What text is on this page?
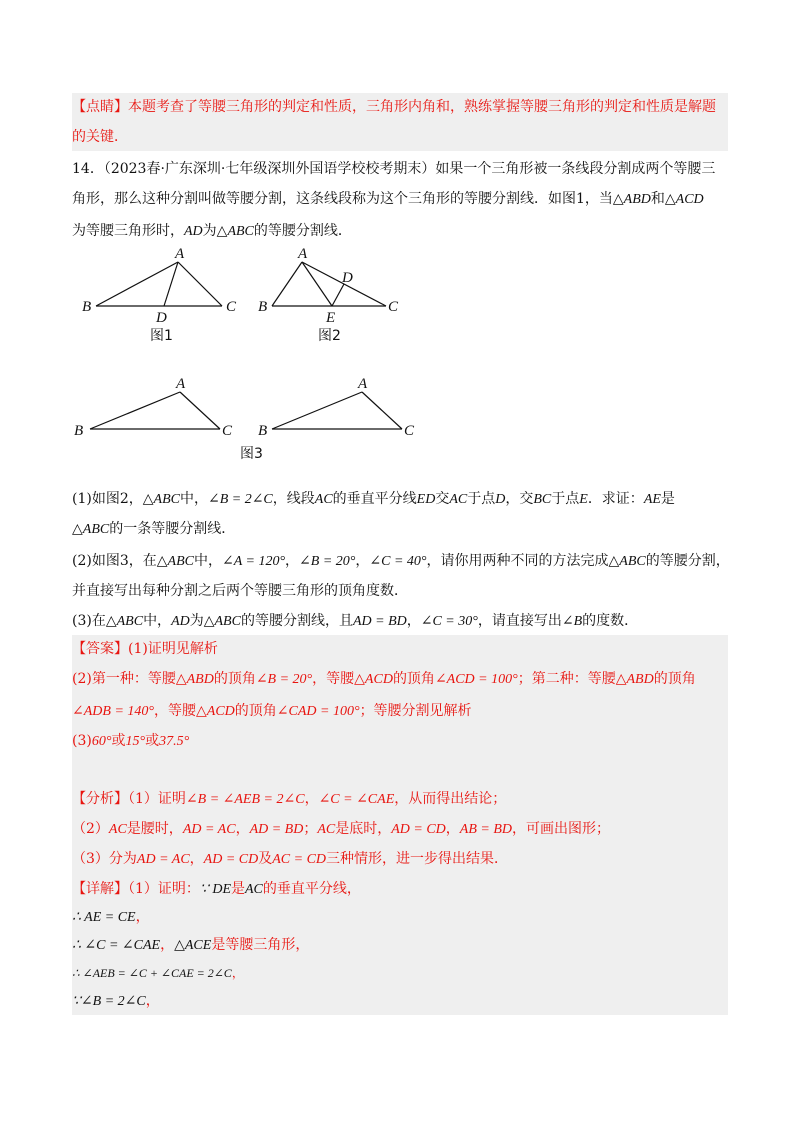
【点睛】本题考查了等腰三角形的判定和性质，三角形内角和，熟练掌握等腰三角形的判定和性质是解题
的关键．
14．（2023春·广东深圳·七年级深圳外国语学校校考期末）如果一个三角形被一条线段分割成两个等腰三
角形，那么这种分割叫做等腰分割，这条线段称为这个三角形的等腰分割线．如图1，当△ABD和△ACD
为等腰三角形时，AD为△ABC的等腰分割线．
A
B	C
D
图1
A
B	C
D
E
图2
A
B	C
A
B	C
图3
(1)如图2，△ABC中，∠B = 2∠C，线段AC的垂直平分线ED交AC于点D，交BC于点E．求证：AE是
△ABC的一条等腰分割线．
(2)如图3，在△ABC中，∠A = 120°，∠B = 20°，∠C = 40°，请你用两种不同的方法完成△ABC的等腰分割，
并直接写出每种分割之后两个等腰三角形的顶角度数．
(3)在△ABC中，AD为△ABC的等腰分割线，且AD = BD，∠C = 30°，请直接写出∠B的度数．
【答案】(1)证明见解析
(2)第一种：等腰△ABD的顶角∠B = 20°，等腰△ACD的顶角∠ACD = 100°；第二种：等腰△ABD的顶角
∠ADB = 140°，等腰△ACD的顶角∠CAD = 100°；等腰分割见解析
(3)60°或15°或37.5°
【分析】（1）证明∠B = ∠AEB = 2∠C，∠C = ∠CAE，从而得出结论；
（2）AC是腰时，AD = AC，AD = BD；AC是底时，AD = CD，AB = BD，可画出图形；
（3）分为AD = AC，AD = CD及AC = CD三种情形，进一步得出结果．
【详解】（1）证明：∵ DE是AC的垂直平分线，
∴ AE = CE，
∴ ∠C = ∠CAE，△ACE是等腰三角形，
∴ ∠AEB = ∠C + ∠CAE = 2∠C，
∵∠B = 2∠C，
